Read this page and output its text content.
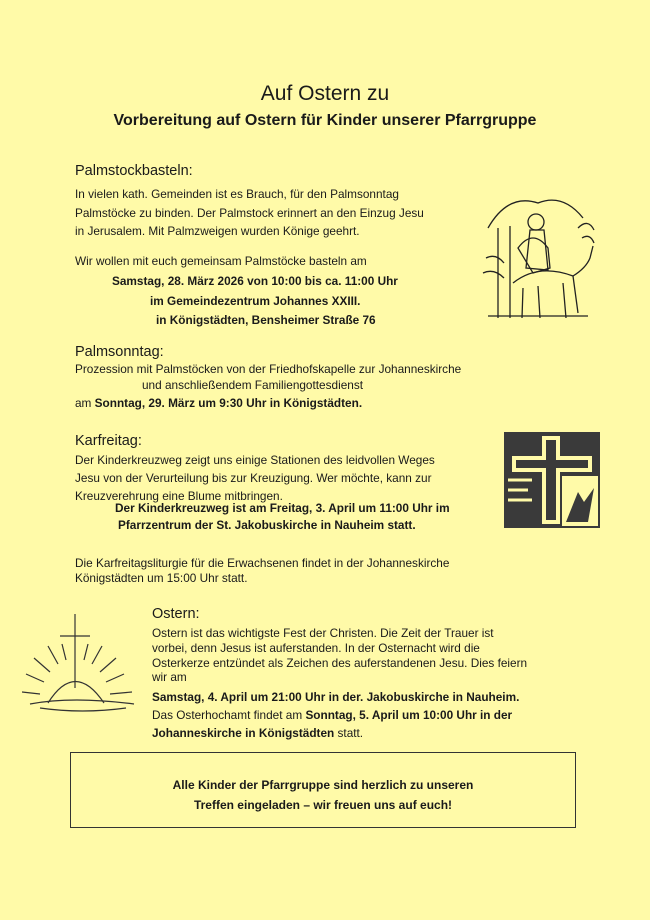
Auf Ostern zu
Vorbereitung auf Ostern für Kinder unserer Pfarrgruppe
Palmstockbasteln:

In vielen kath. Gemeinden ist es Brauch, für den Palmsonntag

Palmstöcke zu binden. Der Palmstock erinnert an den Einzug Jesu

in Jerusalem. Mit Palmzweigen wurden Könige geehrt.

Wir wollen mit euch gemeinsam Palmstöcke basteln am

Samstag, 28. März 2026 von 10:00 bis ca. 11:00 Uhr

im Gemeindezentrum Johannes XXIII.

in Königstädten, Bensheimer Straße 76

Palmsonntag:

Prozession mit Palmstöcken von der Friedhofskapelle zur Johanneskirche

und anschließendem Familiengottesdienst

am Sonntag, 29. März um 9:30 Uhr in Königstädten.

Karfreitag:

Der Kinderkreuzweg zeigt uns einige Stationen des leidvollen Weges

Jesu von der Verurteilung bis zur Kreuzigung. Wer möchte, kann zur

Kreuzverehrung eine Blume mitbringen.

Der Kinderkreuzweg ist am Freitag, 3. April um 11:00 Uhr im

Pfarrzentrum der St. Jakobuskirche in Nauheim statt.

Die Karfreitagsliturgie für die Erwachsenen findet in der Johanneskirche

Königstädten um 15:00 Uhr statt.

Ostern:

Ostern ist das wichtigste Fest der Christen. Die Zeit der Trauer ist

vorbei, denn Jesus ist auferstanden. In der Osternacht wird die

Osterkerze entzündet als Zeichen des auferstandenen Jesu. Dies feiern

wir am

Samstag, 4. April um 21:00 Uhr in der. Jakobuskirche in Nauheim.

Das Osterhochamt findet am Sonntag, 5. April um 10:00 Uhr in der

Johanneskirche in Königstädten statt.

Alle Kinder der Pfarrgruppe sind herzlich zu unseren

Treffen eingeladen – wir freuen uns auf euch!
